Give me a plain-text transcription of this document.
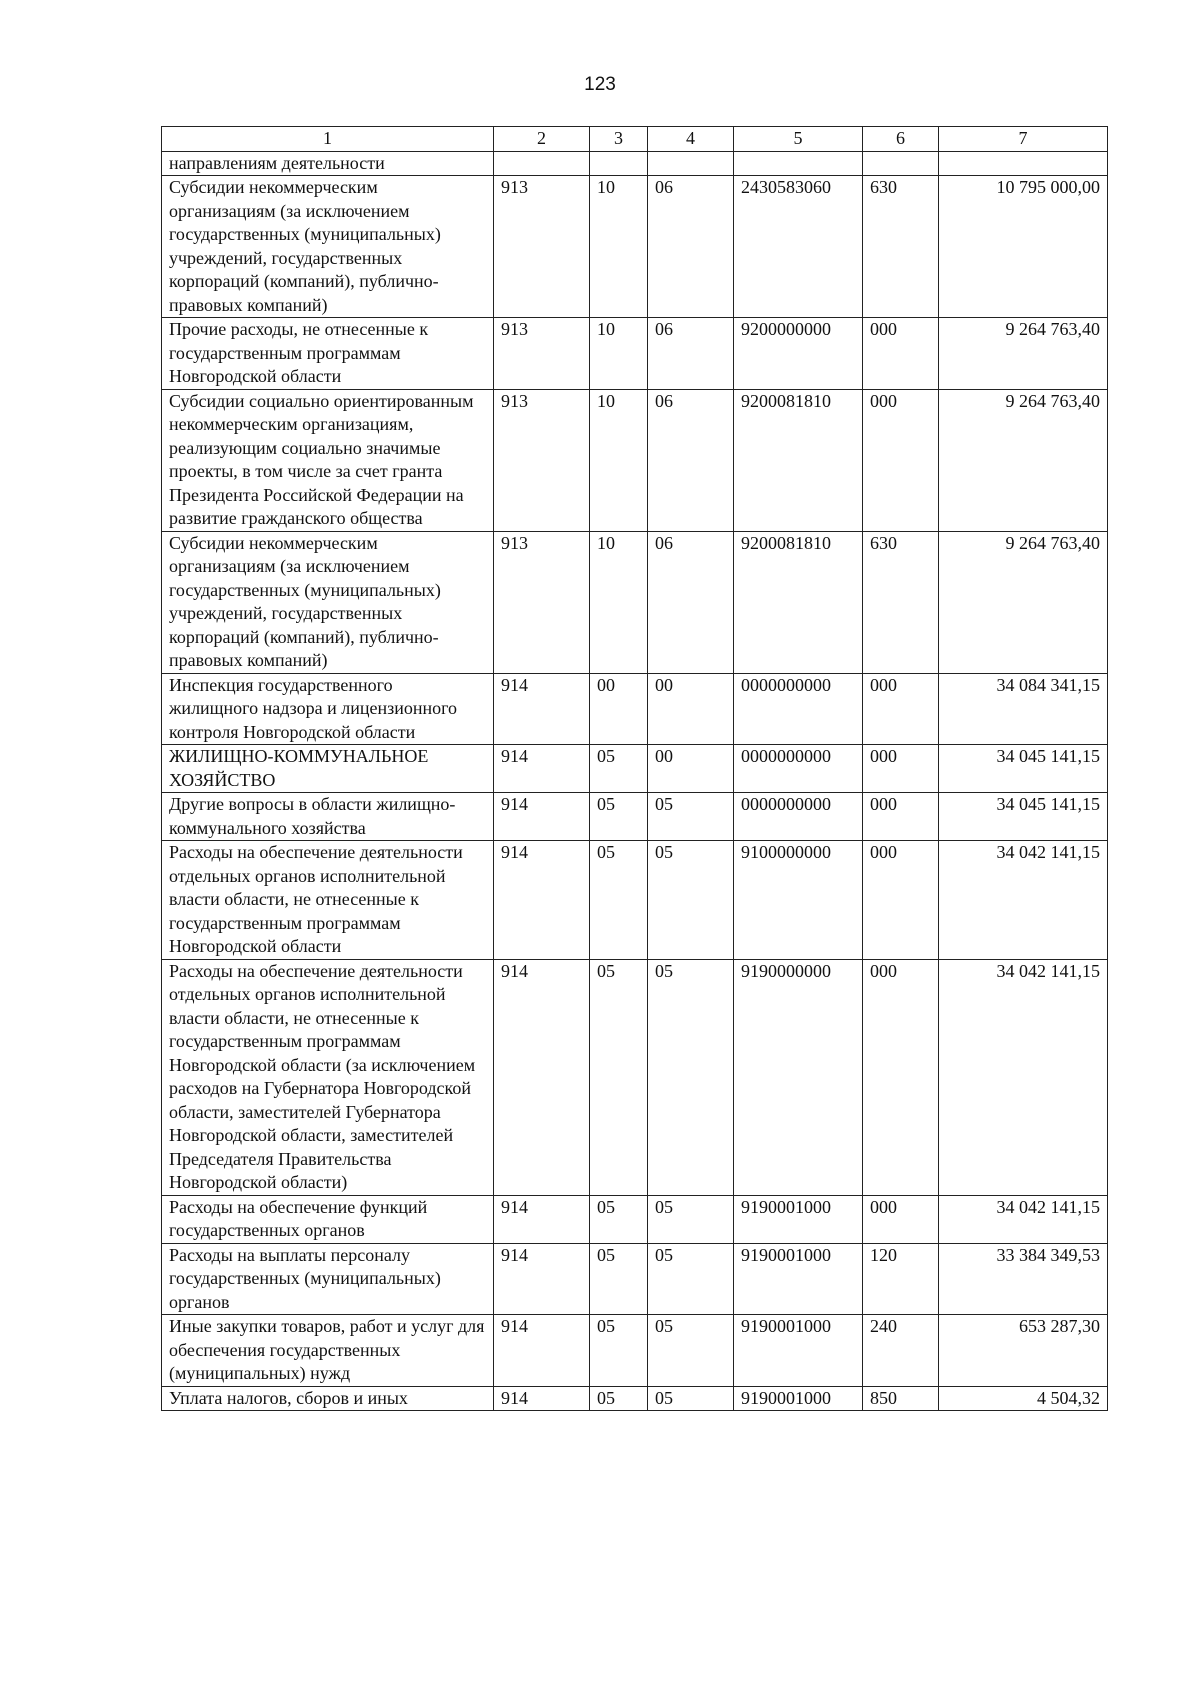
123
1	2	3	4	5	6	7
направлениям деятельности						
Субсидии некоммерческим организациям (за исключением государственных (муниципальных) учреждений, государственных корпораций (компаний), публично-правовых компаний)	913	10	06	2430583060	630	10 795 000,00
Прочие расходы, не отнесенные к государственным программам Новгородской области	913	10	06	9200000000	000	9 264 763,40
Субсидии социально ориентированным некоммерческим организациям, реализующим социально значимые проекты, в том числе за счет гранта Президента Российской Федерации на развитие гражданского общества	913	10	06	9200081810	000	9 264 763,40
Субсидии некоммерческим организациям (за исключением государственных (муниципальных) учреждений, государственных корпораций (компаний), публично-правовых компаний)	913	10	06	9200081810	630	9 264 763,40
Инспекция государственного жилищного надзора и лицензионного контроля Новгородской области	914	00	00	0000000000	000	34 084 341,15
ЖИЛИЩНО-КОММУНАЛЬНОЕ ХОЗЯЙСТВО	914	05	00	0000000000	000	34 045 141,15
Другие вопросы в области жилищно-коммунального хозяйства	914	05	05	0000000000	000	34 045 141,15
Расходы на обеспечение деятельности отдельных органов исполнительной власти области, не отнесенные к государственным программам Новгородской области	914	05	05	9100000000	000	34 042 141,15
Расходы на обеспечение деятельности отдельных органов исполнительной власти области, не отнесенные к государственным программам Новгородской области (за исключением расходов на Губернатора Новгородской области, заместителей Губернатора Новгородской области, заместителей Председателя Правительства Новгородской области)	914	05	05	9190000000	000	34 042 141,15
Расходы на обеспечение функций государственных органов	914	05	05	9190001000	000	34 042 141,15
Расходы на выплаты персоналу государственных (муниципальных) органов	914	05	05	9190001000	120	33 384 349,53
Иные закупки товаров, работ и услуг для обеспечения государственных (муниципальных) нужд	914	05	05	9190001000	240	653 287,30
Уплата налогов, сборов и иных	914	05	05	9190001000	850	4 504,32
